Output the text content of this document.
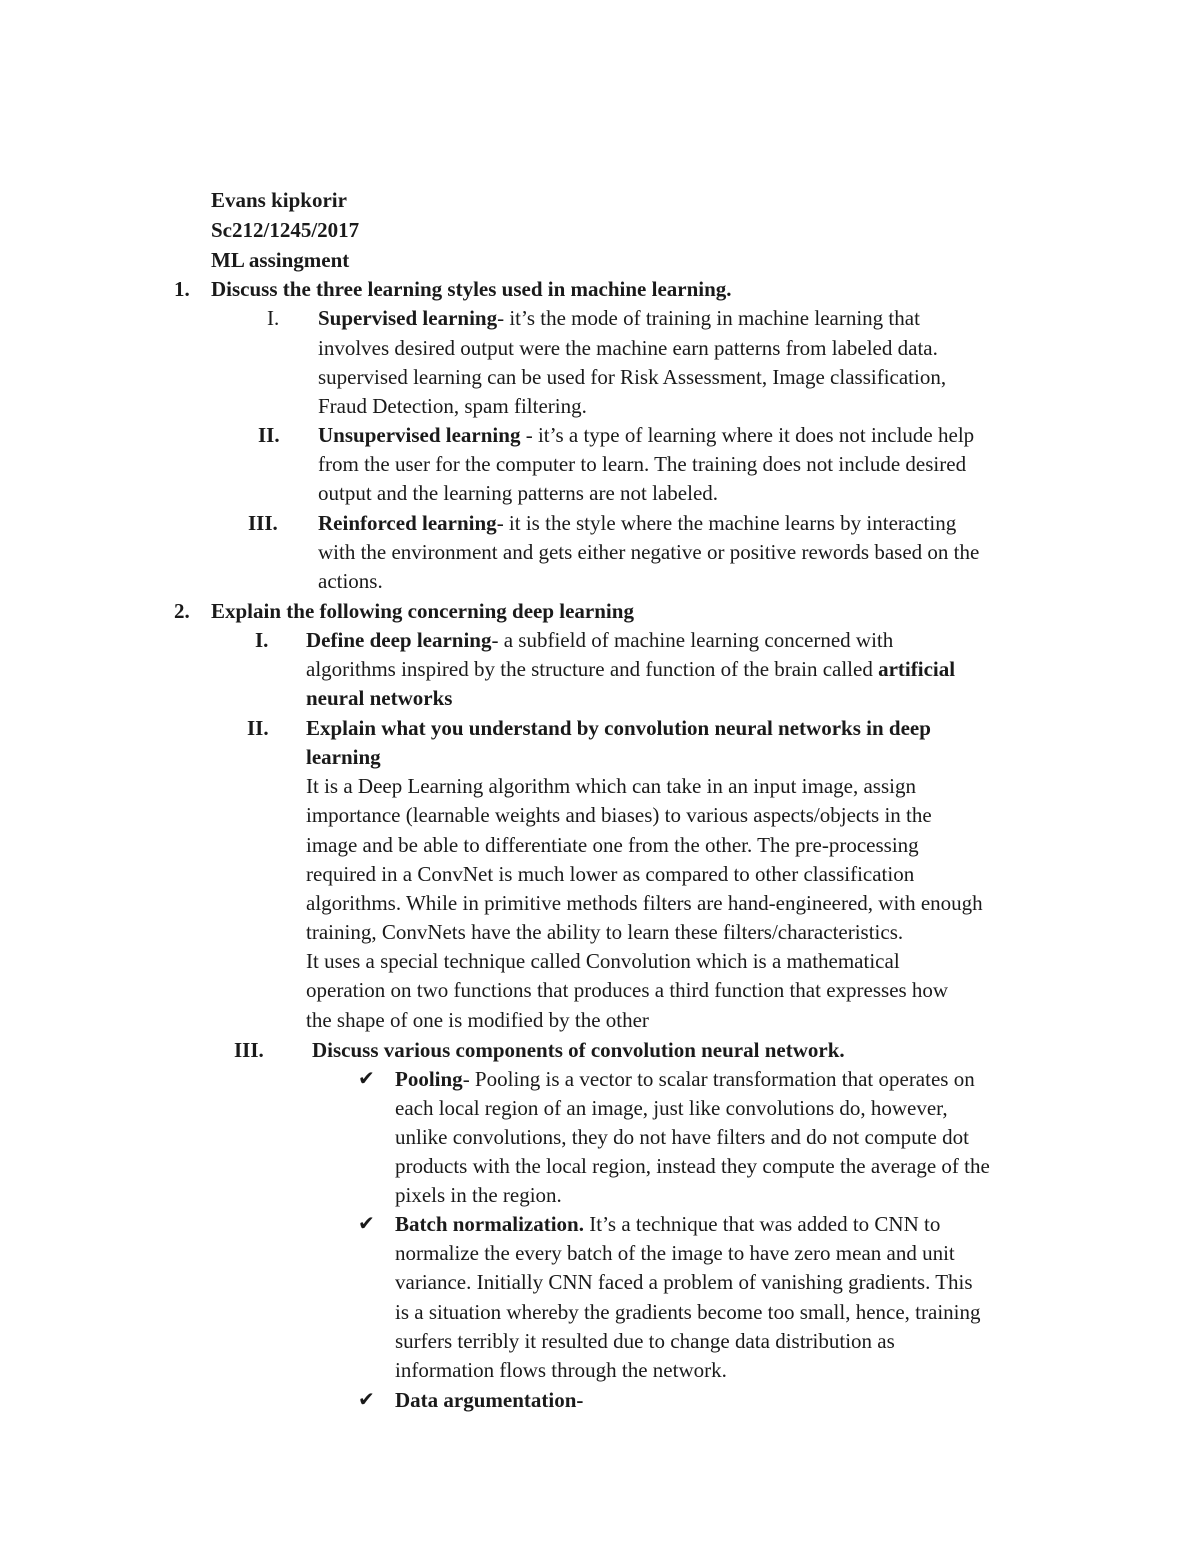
Evans kipkorir
Sc212/1245/2017
ML assingment
1. Discuss the three learning styles used in machine learning.
I. Supervised learning- it’s the mode of training in machine learning that
involves desired output were the machine earn patterns from labeled data.
supervised learning can be used for Risk Assessment, Image classification,
Fraud Detection, spam filtering.
II. Unsupervised learning - it’s a type of learning where it does not include help
from the user for the computer to learn. The training does not include desired
output and the learning patterns are not labeled.
III. Reinforced learning- it is the style where the machine learns by interacting
with the environment and gets either negative or positive rewords based on the
actions.
2. Explain the following concerning deep learning
I. Define deep learning- a subfield of machine learning concerned with
algorithms inspired by the structure and function of the brain called artificial
neural networks
II. Explain what you understand by convolution neural networks in deep
learning
It is a Deep Learning algorithm which can take in an input image, assign
importance (learnable weights and biases) to various aspects/objects in the
image and be able to differentiate one from the other. The pre-processing
required in a ConvNet is much lower as compared to other classification
algorithms. While in primitive methods filters are hand-engineered, with enough
training, ConvNets have the ability to learn these filters/characteristics.
It uses a special technique called Convolution which is a mathematical
operation on two functions that produces a third function that expresses how
the shape of one is modified by the other
III. Discuss various components of convolution neural network.
✔ Pooling- Pooling is a vector to scalar transformation that operates on
each local region of an image, just like convolutions do, however,
unlike convolutions, they do not have filters and do not compute dot
products with the local region, instead they compute the average of the
pixels in the region.
✔ Batch normalization. It’s a technique that was added to CNN to
normalize the every batch of the image to have zero mean and unit
variance. Initially CNN faced a problem of vanishing gradients. This
is a situation whereby the gradients become too small, hence, training
surfers terribly it resulted due to change data distribution as
information flows through the network.
✔ Data argumentation-
